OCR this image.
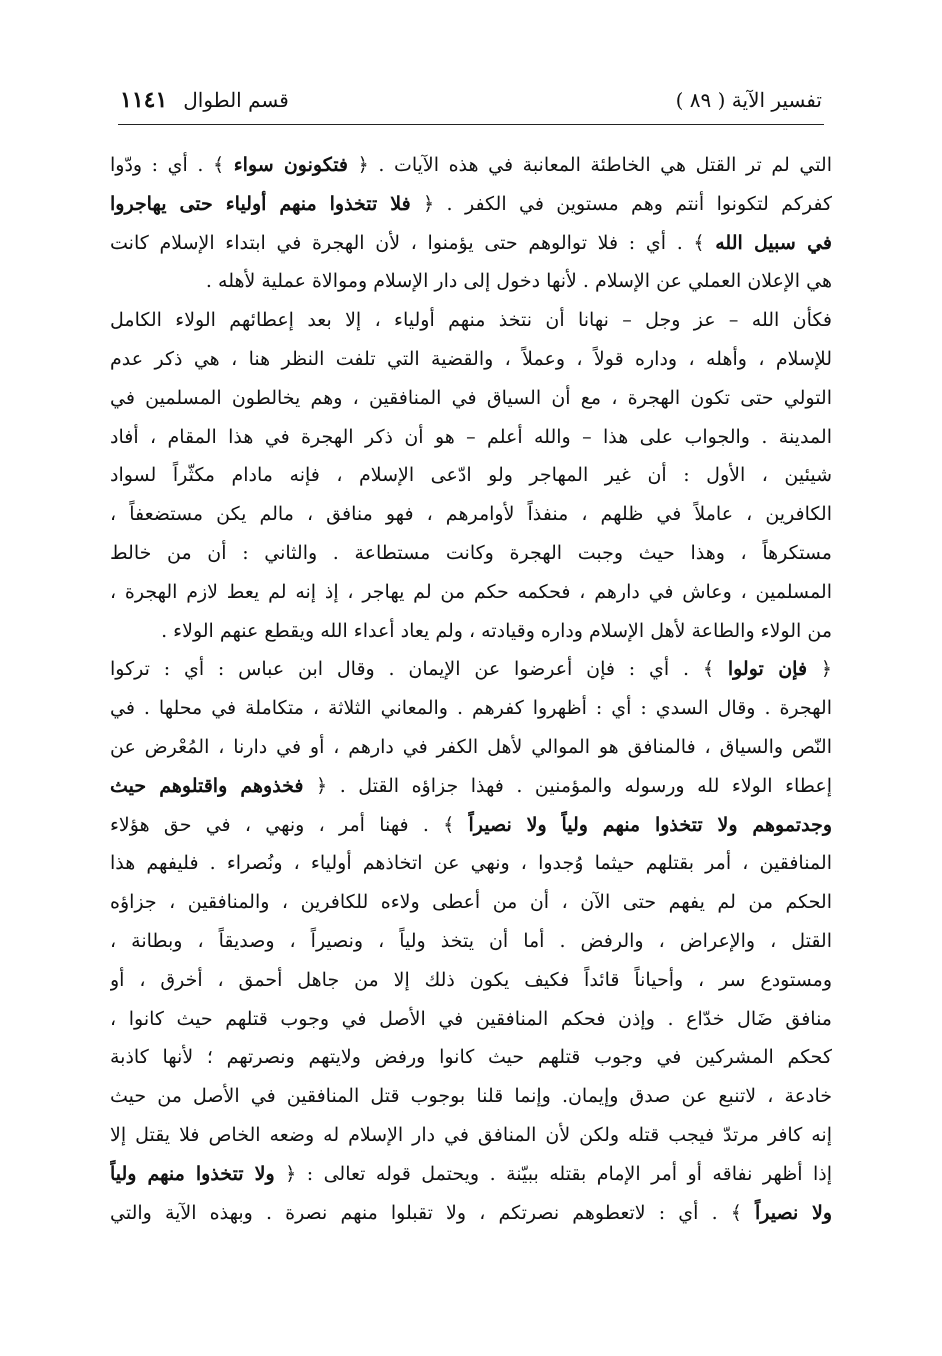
تفسير الآية ( ٨٩ )
قسم الطوال
١١٤١
التي لم تر القتل هي الخاطئة المعانبة في هذه الآيات . ﴿ فتكونون سواء ﴾ . أي : ودّوا
كفركم لتكونوا أنتم وهم مستوين في الكفر . ﴿ فلا تتخذوا منهم أولياء حتى يهاجروا
في سبيل الله ﴾ . أي : فلا توالوهم حتى يؤمنوا ، لأن الهجرة في ابتداء الإسلام كانت
هي الإعلان العملي عن الإسلام . لأنها دخول إلى دار الإسلام وموالاة عملية لأهله .
فكأن الله – عز وجل – نهانا أن نتخذ منهم أولياء ، إلا بعد إعطائهم الولاء الكامل
للإسلام ، وأهله ، وداره قولاً ، وعملاً ، والقضية التي تلفت النظر هنا ، هي ذكر عدم
التولي حتى تكون الهجرة ، مع أن السياق في المنافقين ، وهم يخالطون المسلمين في
المدينة . والجواب على هذا – والله أعلم – هو أن ذكر الهجرة في هذا المقام ، أفاد
شيئين ، الأول : أن غير المهاجر ولو ادّعى الإسلام ، فإنه مادام مكثّراً لسواد
الكافرين ، عاملاً في ظلهم ، منفذاً لأوامرهم ، فهو منافق ، مالم يكن مستضعفاً ،
مستكرهاً ، وهذا حيث وجبت الهجرة وكانت مستطاعة . والثاني : أن من خالط
المسلمين ، وعاش في دارهم ، فحكمه حكم من لم يهاجر ، إذ إنه لم يعط لازم الهجرة ،
من الولاء والطاعة لأهل الإسلام وداره وقيادته ، ولم يعاد أعداء الله ويقطع عنهم الولاء .
﴿ فإن تولوا ﴾ . أي : فإن أعرضوا عن الإيمان . وقال ابن عباس : أي : تركوا
الهجرة . وقال السدي : أي : أظهروا كفرهم . والمعاني الثلاثة ، متكاملة في محلها . في
النّص والسياق ، فالمنافق هو الموالي لأهل الكفر في دارهم ، أو في دارنا ، المُعْرض عن
إعطاء الولاء لله ورسوله والمؤمنين . فهذا جزاؤه القتل . ﴿ فخذوهم واقتلوهم حيث
وجدتموهم ولا تتخذوا منهم ولياً ولا نصيراً ﴾ . فهنا أمر ، ونهي ، في حق هؤلاء
المنافقين ، أمر بقتلهم حيثما وُجدوا ، ونهي عن اتخاذهم أولياء ، ونُصراء . فليفهم هذا
الحكم من لم يفهم حتى الآن ، أن من أعطى ولاءه للكافرين ، والمنافقين ، جزاؤه
القتل ، والإعراض ، والرفض . أما أن يتخذ ولياً ، ونصيراً ، وصديقاً ، وبطانة ،
ومستودع سر ، وأحياناً قائداً فكيف يكون ذلك إلا من جاهل أحمق ، أخرق ، أو
منافق ضَال خدّاع . وإذن فحكم المنافقين في الأصل في وجوب قتلهم حيث كانوا ،
كحكم المشركين في وجوب قتلهم حيث كانوا ورفض ولايتهم ونصرتهم ؛ لأنها كاذبة
خادعة ، لاتنبع عن صدق وإيمان. وإنما قلنا بوجوب قتل المنافقين في الأصل من حيث
إنه كافر مرتدّ فيجب قتله ولكن لأن المنافق في دار الإسلام له وضعه الخاص فلا يقتل إلا
إذا أظهر نفاقه أو أمر الإمام بقتله ببيّنة . ويحتمل قوله تعالى : ﴿ ولا تتخذوا منهم ولياً
ولا نصيراً ﴾ . أي : لاتعطوهم نصرتكم ، ولا تقبلوا منهم نصرة . وبهذه الآية والتي
